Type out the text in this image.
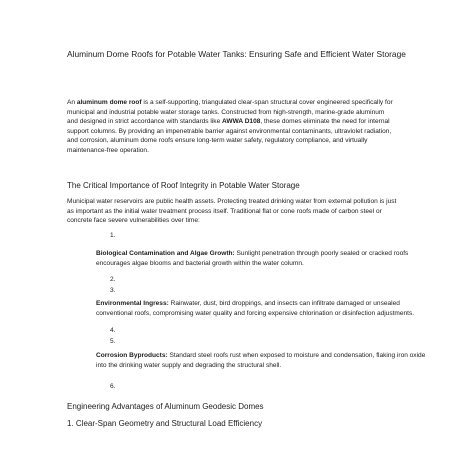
Aluminum Dome Roofs for Potable Water Tanks: Ensuring Safe and Efficient Water Storage
An aluminum dome roof is a self-supporting, triangulated clear-span structural cover engineered specifically for municipal and industrial potable water storage tanks. Constructed from high-strength, marine-grade aluminum and designed in strict accordance with standards like AWWA D108, these domes eliminate the need for internal support columns. By providing an impenetrable barrier against environmental contaminants, ultraviolet radiation, and corrosion, aluminum dome roofs ensure long-term water safety, regulatory compliance, and virtually maintenance-free operation.
The Critical Importance of Roof Integrity in Potable Water Storage
Municipal water reservoirs are public health assets. Protecting treated drinking water from external pollution is just as important as the initial water treatment process itself. Traditional flat or cone roofs made of carbon steel or concrete face severe vulnerabilities over time:
1.
Biological Contamination and Algae Growth: Sunlight penetration through poorly sealed or cracked roofs encourages algae blooms and bacterial growth within the water column.
2.
3.
Environmental Ingress: Rainwater, dust, bird droppings, and insects can infiltrate damaged or unsealed conventional roofs, compromising water quality and forcing expensive chlorination or disinfection adjustments.
4.
5.
Corrosion Byproducts: Standard steel roofs rust when exposed to moisture and condensation, flaking iron oxide into the drinking water supply and degrading the structural shell.
6.
Engineering Advantages of Aluminum Geodesic Domes
1. Clear-Span Geometry and Structural Load Efficiency
